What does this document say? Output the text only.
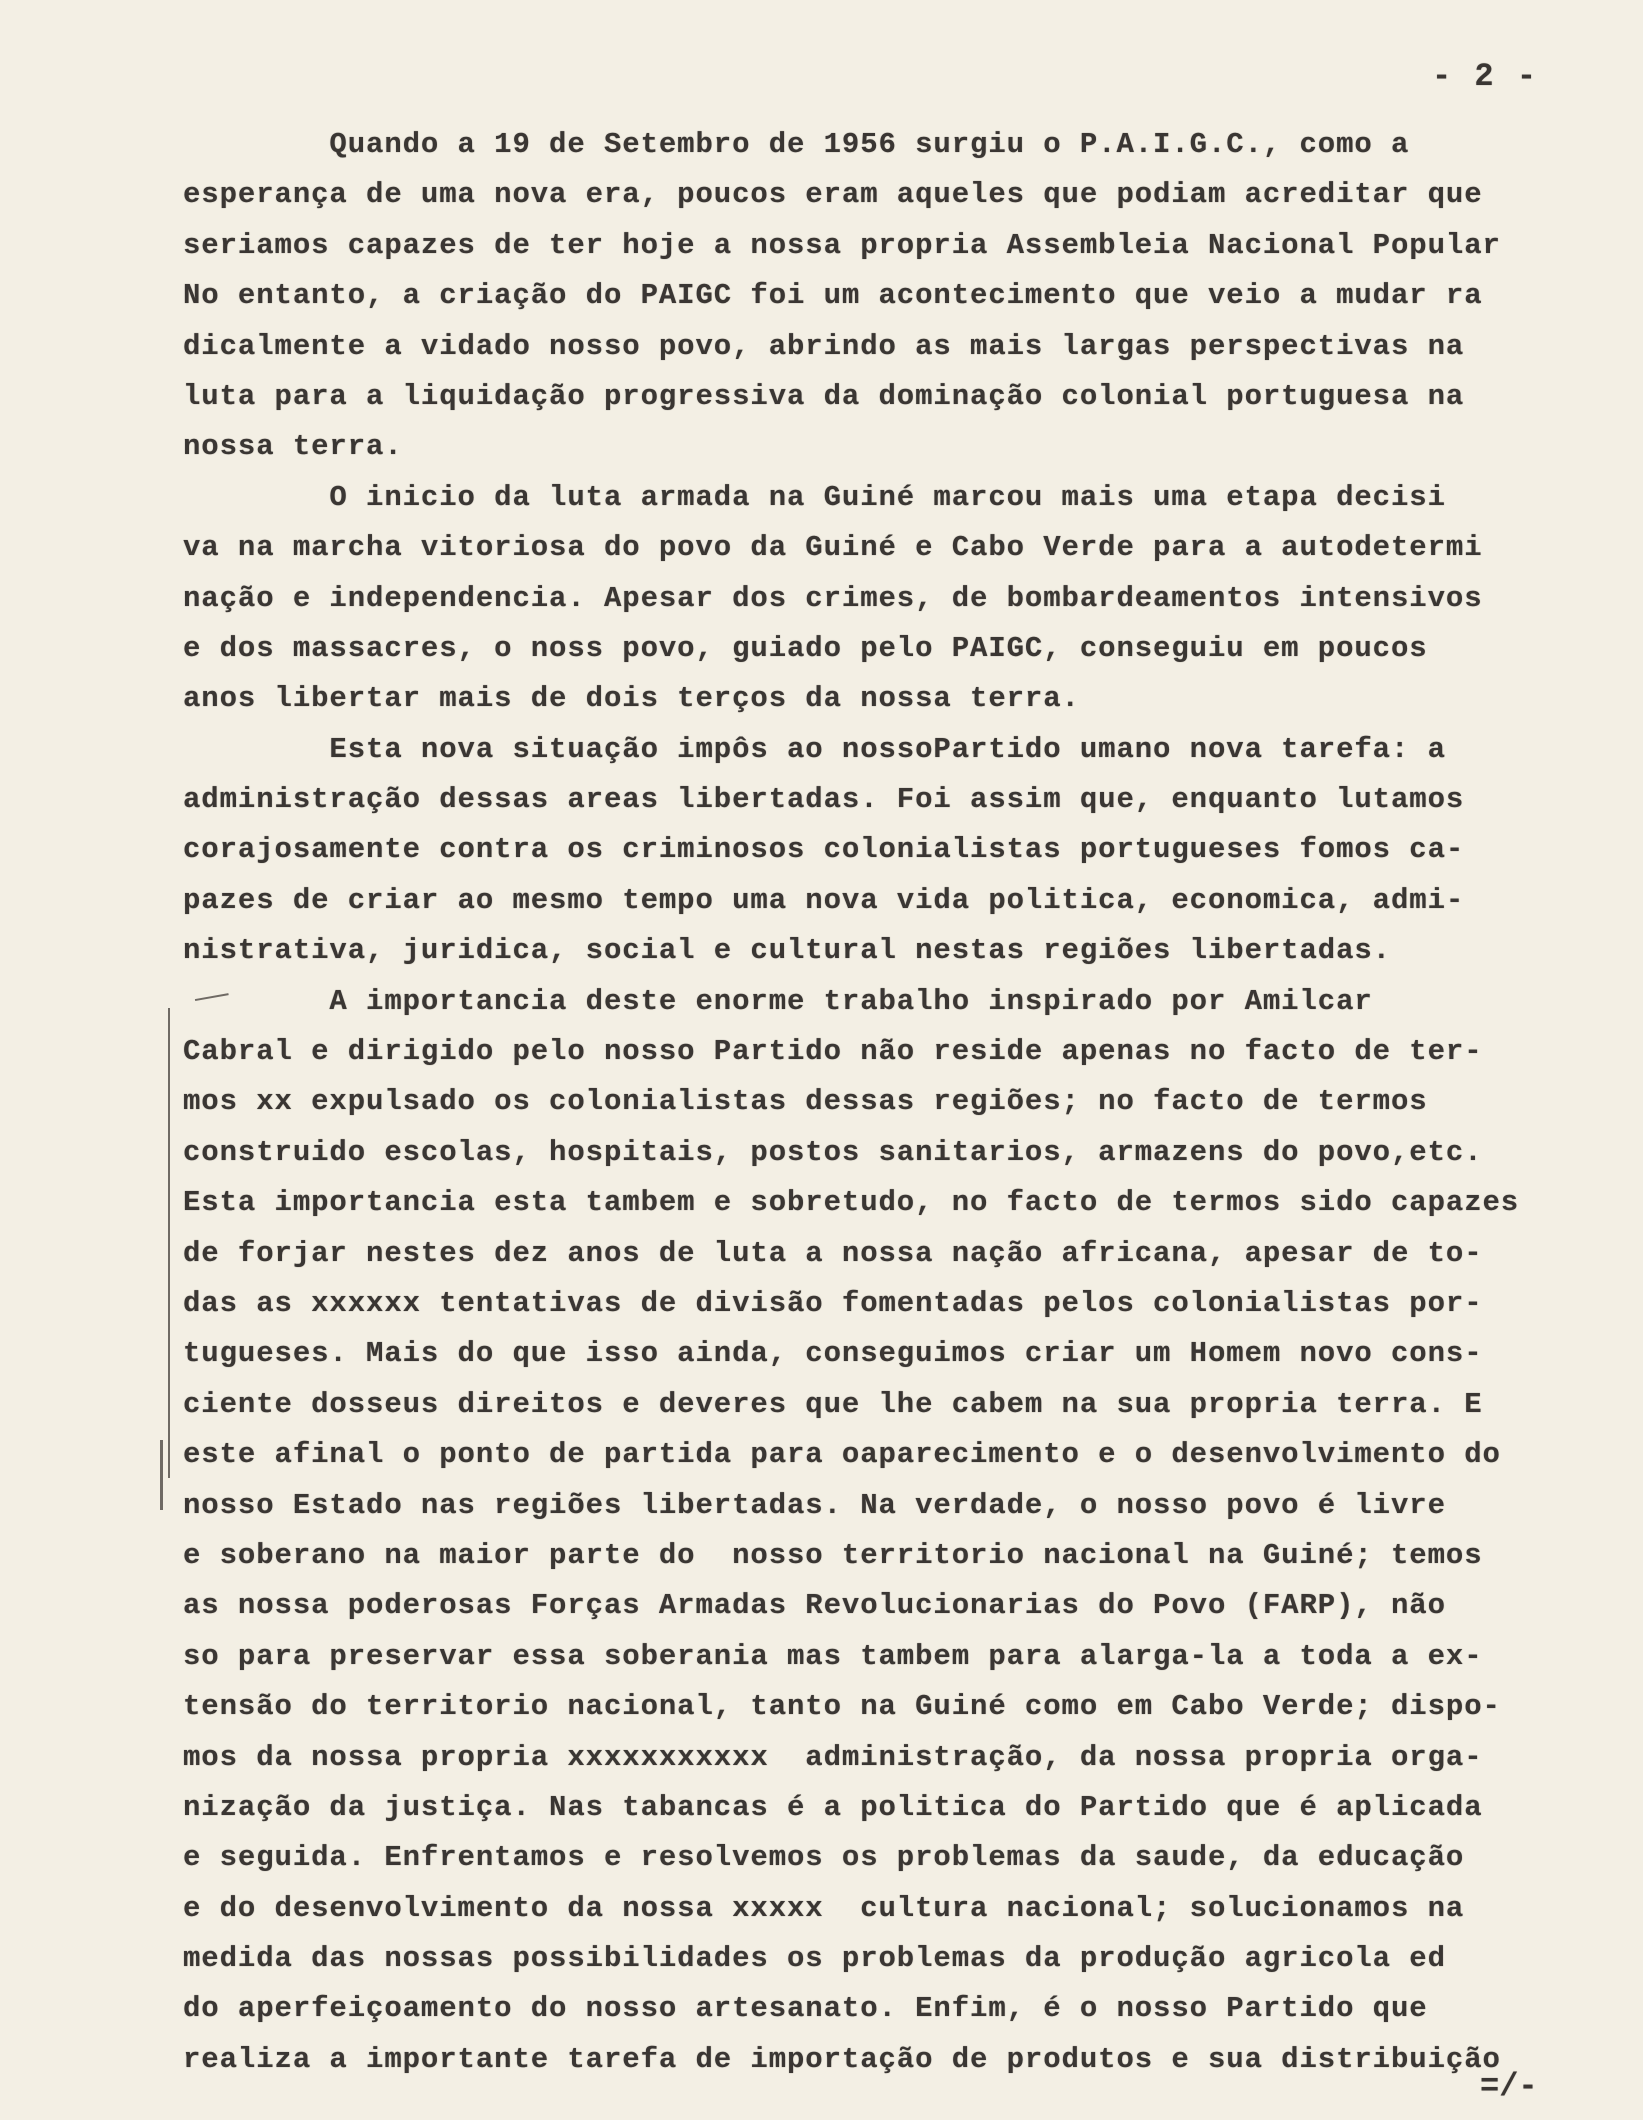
- 2 -
Quando a 19 de Setembro de 1956 surgiu o P.A.I.G.C., como a
esperança de uma nova era, poucos eram aqueles que podiam acreditar que
seriamos capazes de ter hoje a nossa propria Assembleia Nacional Popular
No entanto, a criação do PAIGC foi um acontecimento que veio a mudar ra
dicalmente a vidado nosso povo, abrindo as mais largas perspectivas na
luta para a liquidação progressiva da dominação colonial portuguesa na
nossa terra.
O inicio da luta armada na Guiné marcou mais uma etapa decisi
va na marcha vitoriosa do povo da Guiné e Cabo Verde para a autodetermi
nação e independencia. Apesar dos crimes, de bombardeamentos intensivos
e dos massacres, o noss povo, guiado pelo PAIGC, conseguiu em poucos
anos libertar mais de dois terços da nossa terra.
Esta nova situação impôs ao nossoPartido umano nova tarefa: a
administração dessas areas libertadas. Foi assim que, enquanto lutamos
corajosamente contra os criminosos colonialistas portugueses fomos ca-
pazes de criar ao mesmo tempo uma nova vida politica, economica, admi-
nistrativa, juridica, social e cultural nestas regiões libertadas.
A importancia deste enorme trabalho inspirado por Amilcar
Cabral e dirigido pelo nosso Partido não reside apenas no facto de ter-
mos xx expulsado os colonialistas dessas regiões; no facto de termos
construido escolas, hospitais, postos sanitarios, armazens do povo,etc.
Esta importancia esta tambem e sobretudo, no facto de termos sido capazes
de forjar nestes dez anos de luta a nossa nação africana, apesar de to-
das as xxxxxx tentativas de divisão fomentadas pelos colonialistas por-
tugueses. Mais do que isso ainda, conseguimos criar um Homem novo cons-
ciente dosseus direitos e deveres que lhe cabem na sua propria terra. E
este afinal o ponto de partida para oaparecimento e o desenvolvimento do
nosso Estado nas regiões libertadas. Na verdade, o nosso povo é livre
e soberano na maior parte do  nosso territorio nacional na Guiné; temos
as nossa poderosas Forças Armadas Revolucionarias do Povo (FARP), não
so para preservar essa soberania mas tambem para alarga-la a toda a ex-
tensão do territorio nacional, tanto na Guiné como em Cabo Verde; dispo-
mos da nossa propria xxxxxxxxxxx  administração, da nossa propria orga-
nização da justiça. Nas tabancas é a politica do Partido que é aplicada
e seguida. Enfrentamos e resolvemos os problemas da saude, da educação
e do desenvolvimento da nossa xxxxx  cultura nacional; solucionamos na
medida das nossas possibilidades os problemas da produção agricola ed
do aperfeiçoamento do nosso artesanato. Enfim, é o nosso Partido que
realiza a importante tarefa de importação de produtos e sua distribuição
=/-
